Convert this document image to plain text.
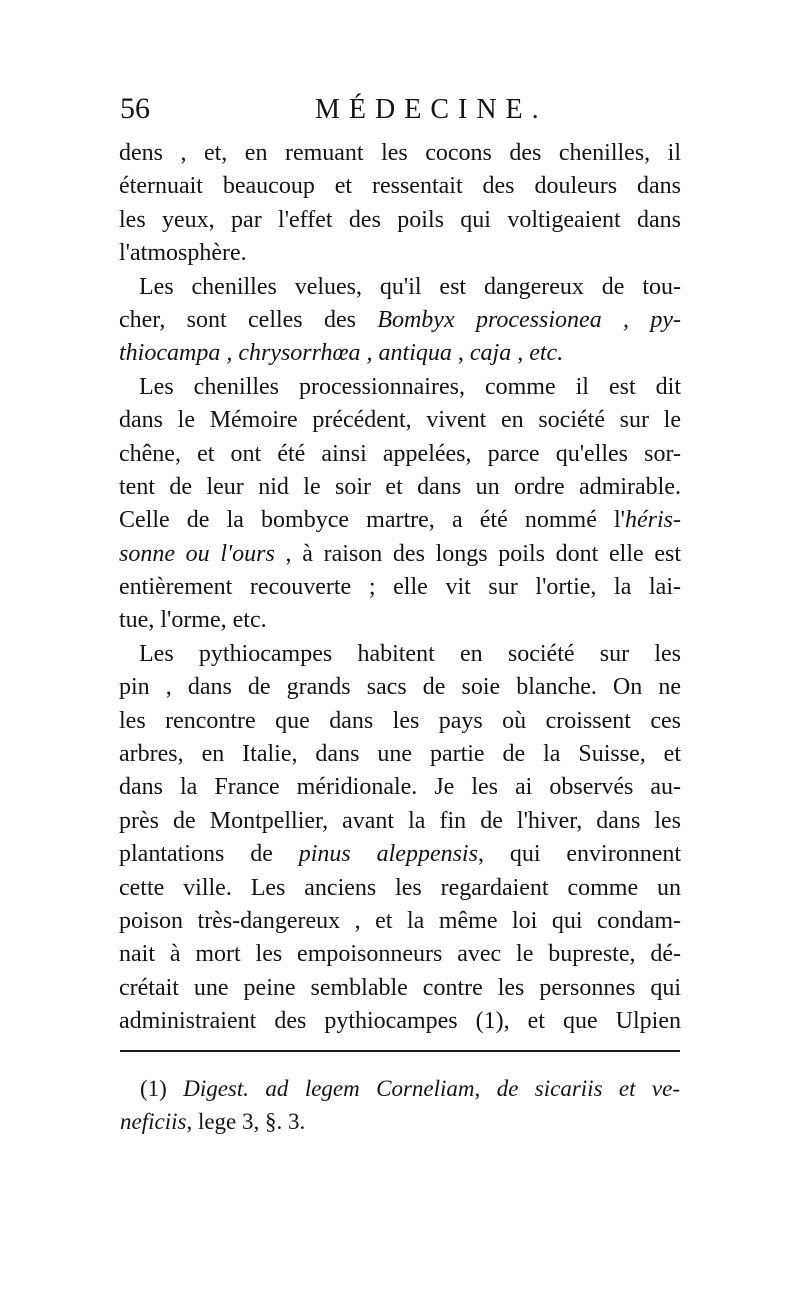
56	MÉDECINE.
dens , et, en remuant les cocons des chenilles, il
éternuait beaucoup et ressentait des douleurs dans
les yeux, par l'effet des poils qui voltigeaient dans
l'atmosphère.
Les chenilles velues, qu'il est dangereux de tou-
cher, sont celles des Bombyx processionea , py-
thiocampa , chrysorrhœa , antiqua , caja , etc.
Les chenilles processionnaires, comme il est dit
dans le Mémoire précédent, vivent en société sur le
chêne, et ont été ainsi appelées, parce qu'elles sor-
tent de leur nid le soir et dans un ordre admirable.
Celle de la bombyce martre, a été nommé l'héris-
sonne ou l'ours , à raison des longs poils dont elle est
entièrement recouverte ; elle vit sur l'ortie, la lai-
tue, l'orme, etc.
Les pythiocampes habitent en société sur les
pin , dans de grands sacs de soie blanche. On ne
les rencontre que dans les pays où croissent ces
arbres, en Italie, dans une partie de la Suisse, et
dans la France méridionale. Je les ai observés au-
près de Montpellier, avant la fin de l'hiver, dans les
plantations de pinus aleppensis, qui environnent
cette ville. Les anciens les regardaient comme un
poison très-dangereux , et la même loi qui condam-
nait à mort les empoisonneurs avec le bupreste, dé-
crétait une peine semblable contre les personnes qui
administraient des pythiocampes (1), et que Ulpien
(1) Digest. ad legem Corneliam, de sicariis et ve-
neficiis, lege 3, §. 3.
